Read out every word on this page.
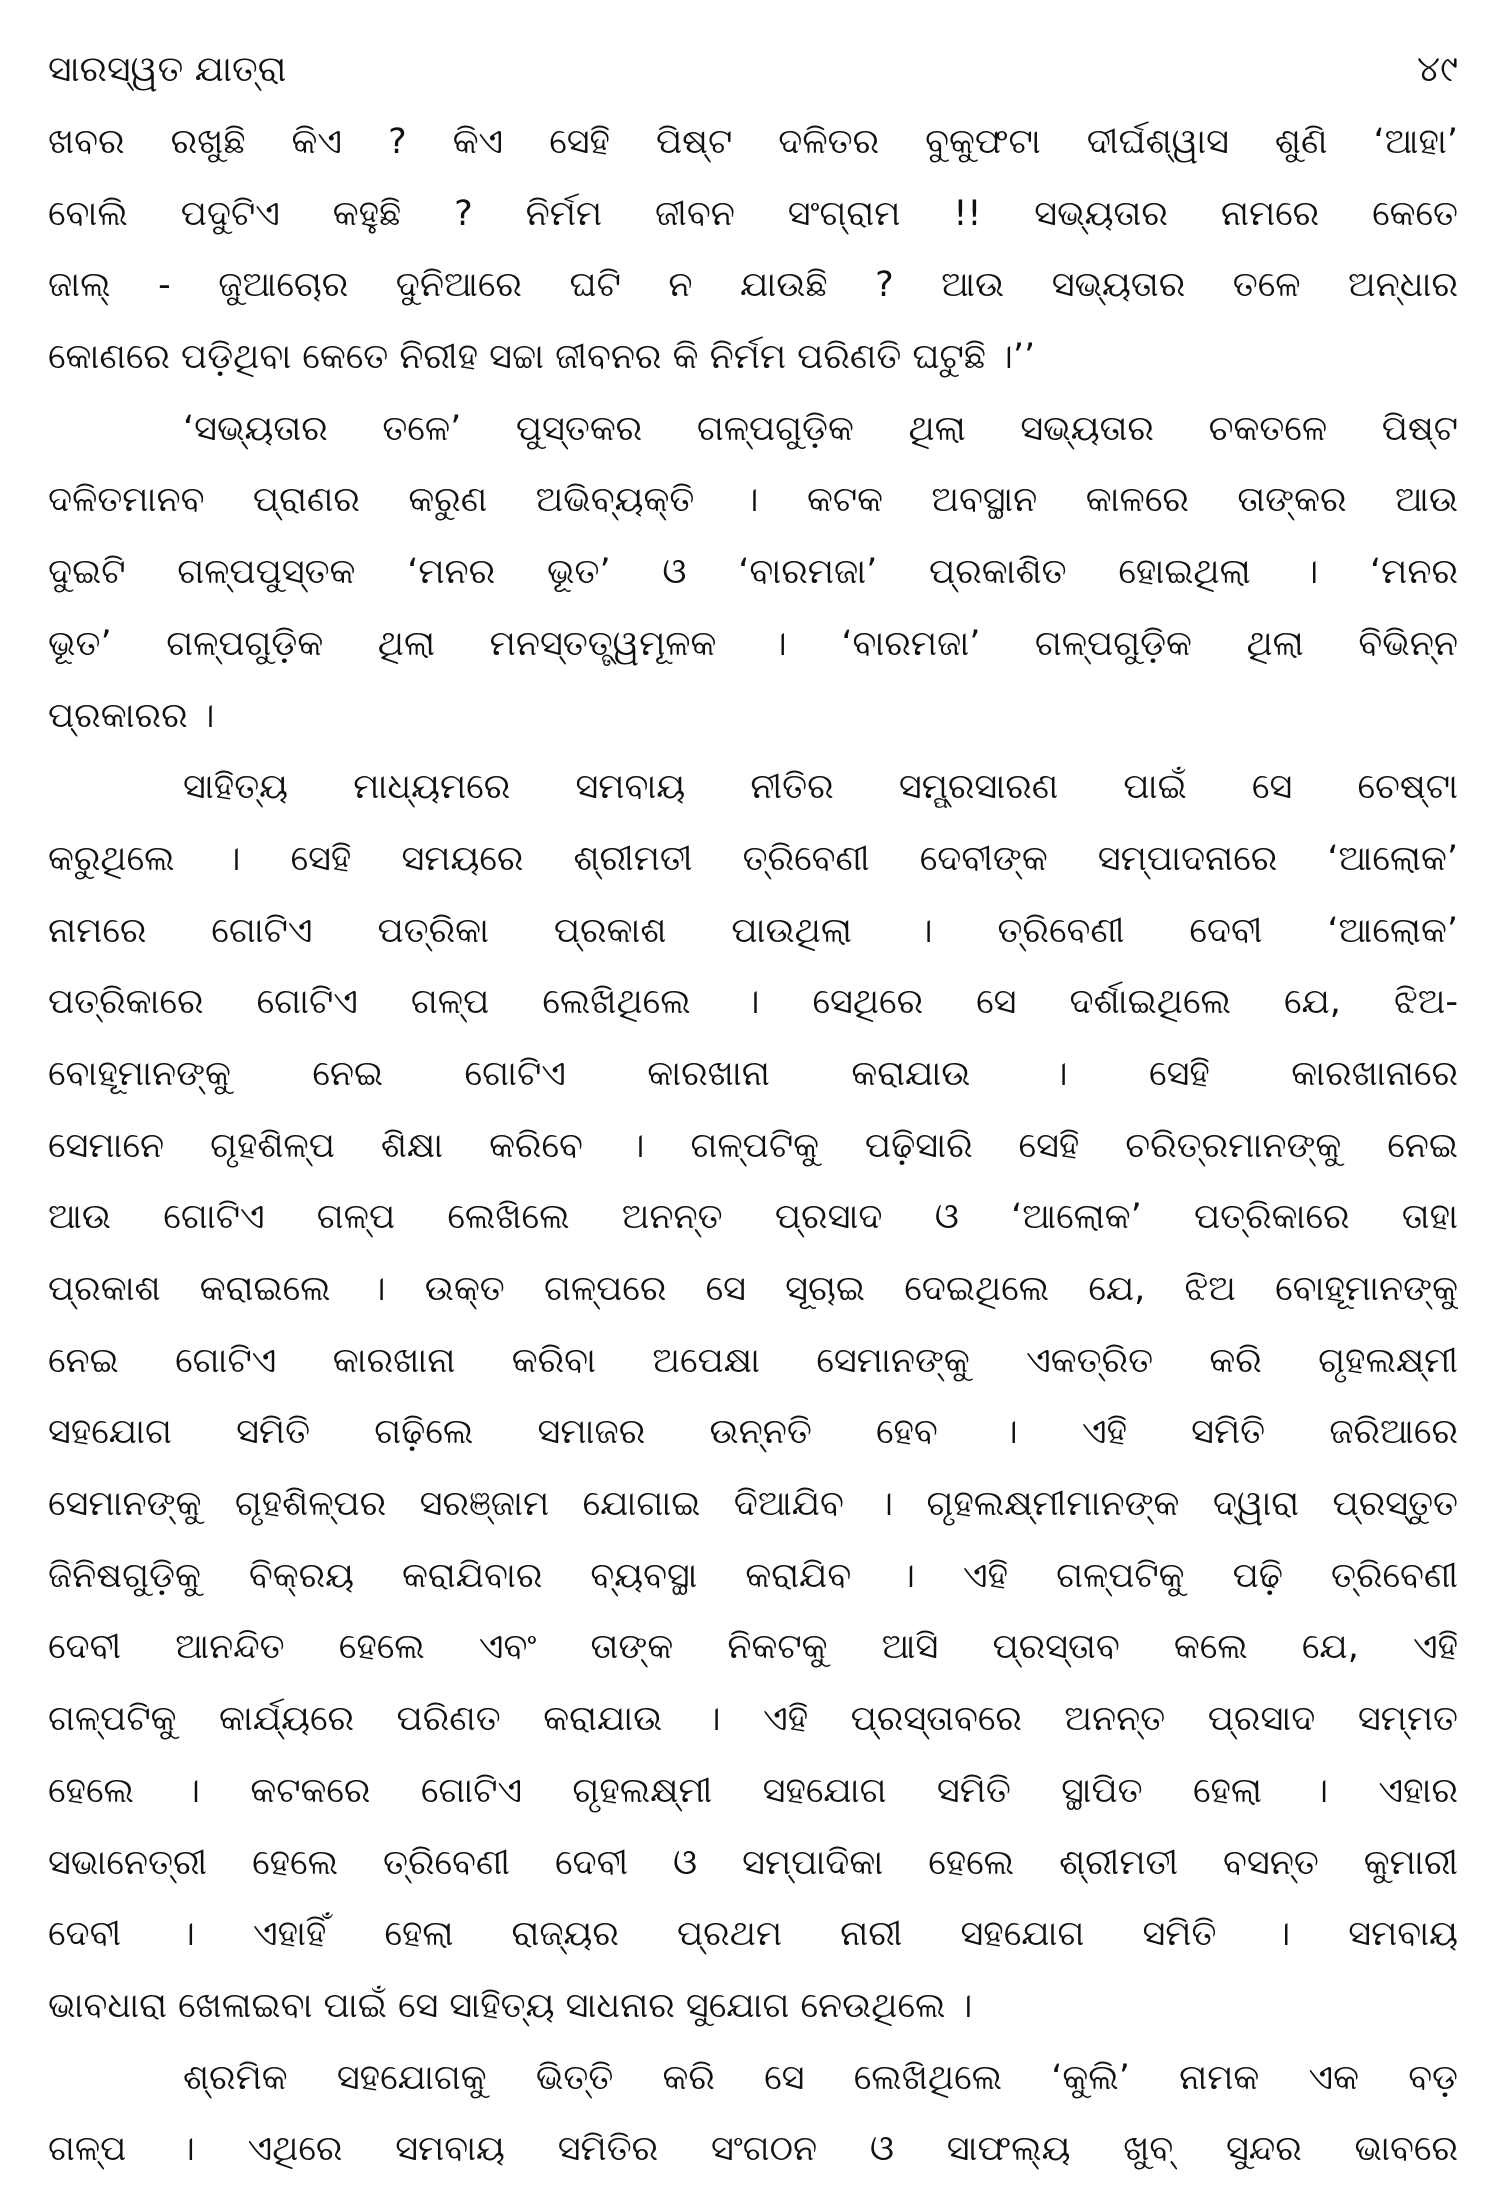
ସାରସ୍ୱତ ଯାତ୍ରା	୪୯
ଖବର ରଖୁଛି କିଏ ? କିଏ ସେହି ପିଷ୍ଟ ଦଳିତର ବୁକୁଫଟା ଦୀର୍ଘଶ୍ୱାସ ଶୁଣି ‘ଆହା’
ବୋଲି ପଦୁଟିଏ କହୁଛି ? ନିର୍ମମ ଜୀବନ ସଂଗ୍ରାମ !! ସଭ୍ୟତାର ନାମରେ କେତେ
ଜାଲ୍ - ଜୁଆଚୋର ଦୁନିଆରେ ଘଟି ନ ଯାଉଛି ? ଆଉ ସଭ୍ୟତାର ତଳେ ଅନ୍ଧାର
କୋଣରେ ପଡ଼ିଥିବା କେତେ ନିରୀହ ସଚ୍ଚା ଜୀବନର କି ନିର୍ମମ ପରିଣତି ଘଟୁଛି ।’’
‘ସଭ୍ୟତାର ତଳେ’ ପୁସ୍ତକର ଗଳ୍ପଗୁଡ଼ିକ ଥିଲା ସଭ୍ୟତାର ଚକତଳେ ପିଷ୍ଟ
ଦଳିତମାନବ ପ୍ରାଣର କରୁଣ ଅଭିବ୍ୟକ୍ତି । କଟକ ଅବସ୍ଥାନ କାଳରେ ତାଙ୍କର ଆଉ
ଦୁଇଟି ଗଳ୍ପପୁସ୍ତକ ‘ମନର ଭୂତ’ ଓ ‘ବାରମଜା’ ପ୍ରକାଶିତ ହୋଇଥିଲା । ‘ମନର
ଭୂତ’ ଗଳ୍ପଗୁଡ଼ିକ ଥିଲା ମନସ୍ତତ୍ତ୍ୱମୂଳକ । ‘ବାରମଜା’ ଗଳ୍ପଗୁଡ଼ିକ ଥିଲା ବିଭିନ୍ନ
ପ୍ରକାରର ।
ସାହିତ୍ୟ ମାଧ୍ୟମରେ ସମବାୟ ନୀତିର ସମ୍ପ୍ରସାରଣ ପାଇଁ ସେ ଚେଷ୍ଟା
କରୁଥିଲେ । ସେହି ସମୟରେ ଶ୍ରୀମତୀ ତ୍ରିବେଣୀ ଦେବୀଙ୍କ ସମ୍ପାଦନାରେ ‘ଆଲୋକ’
ନାମରେ ଗୋଟିଏ ପତ୍ରିକା ପ୍ରକାଶ ପାଉଥିଲା । ତ୍ରିବେଣୀ ଦେବୀ ‘ଆଲୋକ’
ପତ୍ରିକାରେ ଗୋଟିଏ ଗଳ୍ପ ଲେଖିଥିଲେ । ସେଥିରେ ସେ ଦର୍ଶାଇଥିଲେ ଯେ, ଝିଅ-
ବୋହୂମାନଙ୍କୁ ନେଇ ଗୋଟିଏ କାରଖାନା କରାଯାଉ । ସେହି କାରଖାନାରେ
ସେମାନେ ଗୃହଶିଳ୍ପ ଶିକ୍ଷା କରିବେ । ଗଳ୍ପଟିକୁ ପଢ଼ିସାରି ସେହି ଚରିତ୍ରମାନଙ୍କୁ ନେଇ
ଆଉ ଗୋଟିଏ ଗଳ୍ପ ଲେଖିଲେ ଅନନ୍ତ ପ୍ରସାଦ ଓ ‘ଆଲୋକ’ ପତ୍ରିକାରେ ତାହା
ପ୍ରକାଶ କରାଇଲେ । ଉକ୍ତ ଗଳ୍ପରେ ସେ ସୂଚାଇ ଦେଇଥିଲେ ଯେ, ଝିଅ ବୋହୂମାନଙ୍କୁ
ନେଇ ଗୋଟିଏ କାରଖାନା କରିବା ଅପେକ୍ଷା ସେମାନଙ୍କୁ ଏକତ୍ରିତ କରି ଗୃହଲକ୍ଷ୍ମୀ
ସହଯୋଗ ସମିତି ଗଢ଼ିଲେ ସମାଜର ଉନ୍ନତି ହେବ । ଏହି ସମିତି ଜରିଆରେ
ସେମାନଙ୍କୁ ଗୃହଶିଳ୍ପର ସରଞ୍ଜାମ ଯୋଗାଇ ଦିଆଯିବ । ଗୃହଲକ୍ଷ୍ମୀମାନଙ୍କ ଦ୍ୱାରା ପ୍ରସ୍ତୁତ
ଜିନିଷଗୁଡ଼ିକୁ ବିକ୍ରୟ କରାଯିବାର ବ୍ୟବସ୍ଥା କରାଯିବ । ଏହି ଗଳ୍ପଟିକୁ ପଢ଼ି ତ୍ରିବେଣୀ
ଦେବୀ ଆନନ୍ଦିତ ହେଲେ ଏବଂ ତାଙ୍କ ନିକଟକୁ ଆସି ପ୍ରସ୍ତାବ କଲେ ଯେ, ଏହି
ଗଳ୍ପଟିକୁ କାର୍ଯ୍ୟରେ ପରିଣତ କରାଯାଉ । ଏହି ପ୍ରସ୍ତାବରେ ଅନନ୍ତ ପ୍ରସାଦ ସମ୍ମତ
ହେଲେ । କଟକରେ ଗୋଟିଏ ଗୃହଲକ୍ଷ୍ମୀ ସହଯୋଗ ସମିତି ସ୍ଥାପିତ ହେଲା । ଏହାର
ସଭାନେତ୍ରୀ ହେଲେ ତ୍ରିବେଣୀ ଦେବୀ ଓ ସମ୍ପାଦିକା ହେଲେ ଶ୍ରୀମତୀ ବସନ୍ତ କୁମାରୀ
ଦେବୀ । ଏହାହିଁ ହେଲା ରାଜ୍ୟର ପ୍ରଥମ ନାରୀ ସହଯୋଗ ସମିତି । ସମବାୟ
ଭାବଧାରା ଖେଳାଇବା ପାଇଁ ସେ ସାହିତ୍ୟ ସାଧନାର ସୁଯୋଗ ନେଉଥିଲେ ।
ଶ୍ରମିକ ସହଯୋଗକୁ ଭିତ୍ତି କରି ସେ ଲେଖିଥିଲେ ‘କୁଲି’ ନାମକ ଏକ ବଡ଼
ଗଳ୍ପ । ଏଥିରେ ସମବାୟ ସମିତିର ସଂଗଠନ ଓ ସାଫଲ୍ୟ ଖୁବ୍ ସୁନ୍ଦର ଭାବରେ
